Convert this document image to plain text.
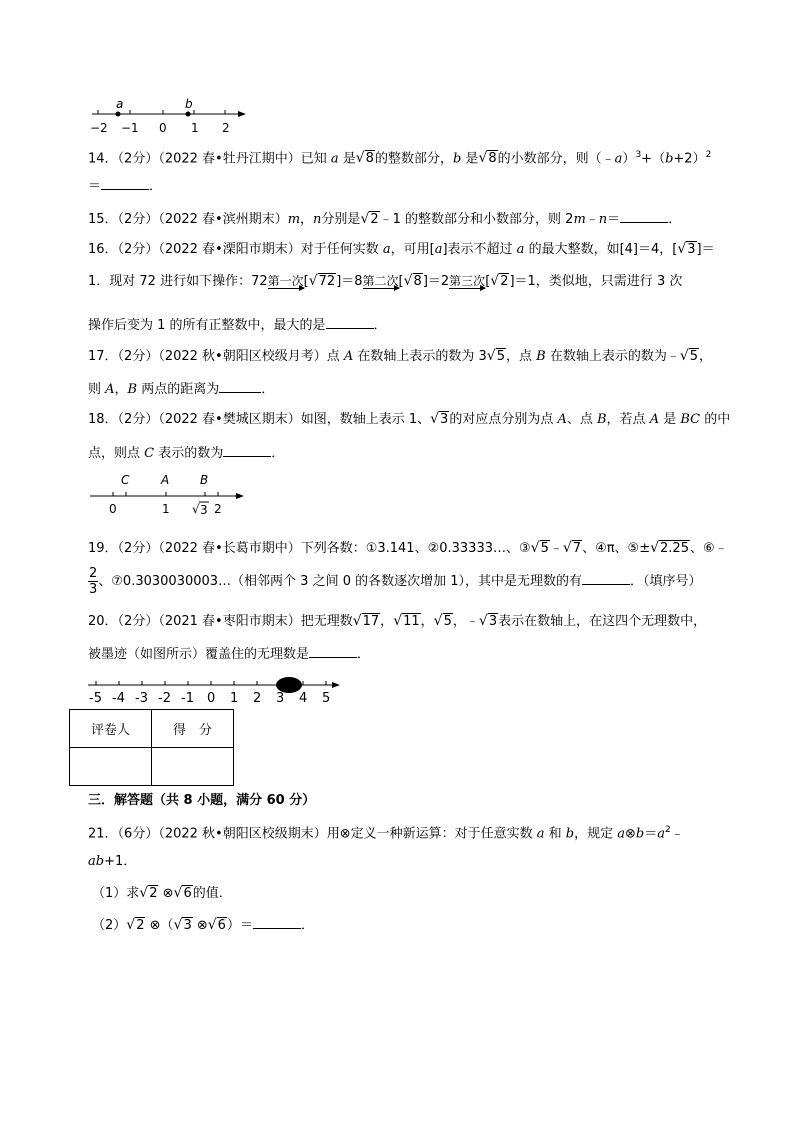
a	b
−2 −1 0 1 2
14．（2分）（2022 春•牡丹江期中）已知 a 是√8的整数部分，b 是√8的小数部分，则$(﹣a)^3+(b+2)^2$
＝	．
15．（2分）（2022 春•滨州期末）m，n分别是√2﹣1 的整数部分和小数部分，则 2m﹣n＝	．
16．（2分）（2022 春•溧阳市期末）对于任何实数 a，可用[a]表示不超过 a 的最大整数，如[4]＝4，[√3]＝
1．现对 72 进行如下操作：72 第一次 [√72]＝8 第二次 [√8]＝2 第三次 [√2]＝1，类似地，只需进行 3 次
操作后变为 1 的所有正整数中，最大的是	．
17．（2分）（2022 秋•朝阳区校级月考）点 A 在数轴上表示的数为 3√5，点 B 在数轴上表示的数为﹣√5，
则 A，B 两点的距离为	．
18．（2分）（2022 春•樊城区期末）如图，数轴上表示 1、√3的对应点分别为点 A、点 B，若点 A 是 BC 的中
点，则点 C 表示的数为	．
C	A	B
0	1 √ 3 2
19．（2分）（2022 春•长葛市期中）下列各数：①3.141、②0.33333…、③√5﹣√7、④π、⑤±√2.25、⑥﹣
$\frac{2}{3}$ 、⑦0.3030030003…（相邻两个 3 之间 0 的各数逐次增加 1），其中是无理数的有	．（填序号）
20．（2分）（2021 春•枣阳市期末）把无理数√17，√11，√5，﹣√3表示在数轴上，在这四个无理数中，
被墨迹（如图所示）覆盖住的无理数是	．
-5 -4 -3 -2 -1 0 1 2 3 4 5
评卷人	得　分

三．解答题（共 8 小题，满分 60 分）
21．（6分）（2022 秋•朝阳区校级期末）用⊗定义一种新运算：对于任意实数 a 和 b，规定 $a\otimes b=a^2﹣$
ab+1．
（1）求√2 ⊗√6的值．
（2）√2 ⊗（√3 ⊗√6）＝	．
